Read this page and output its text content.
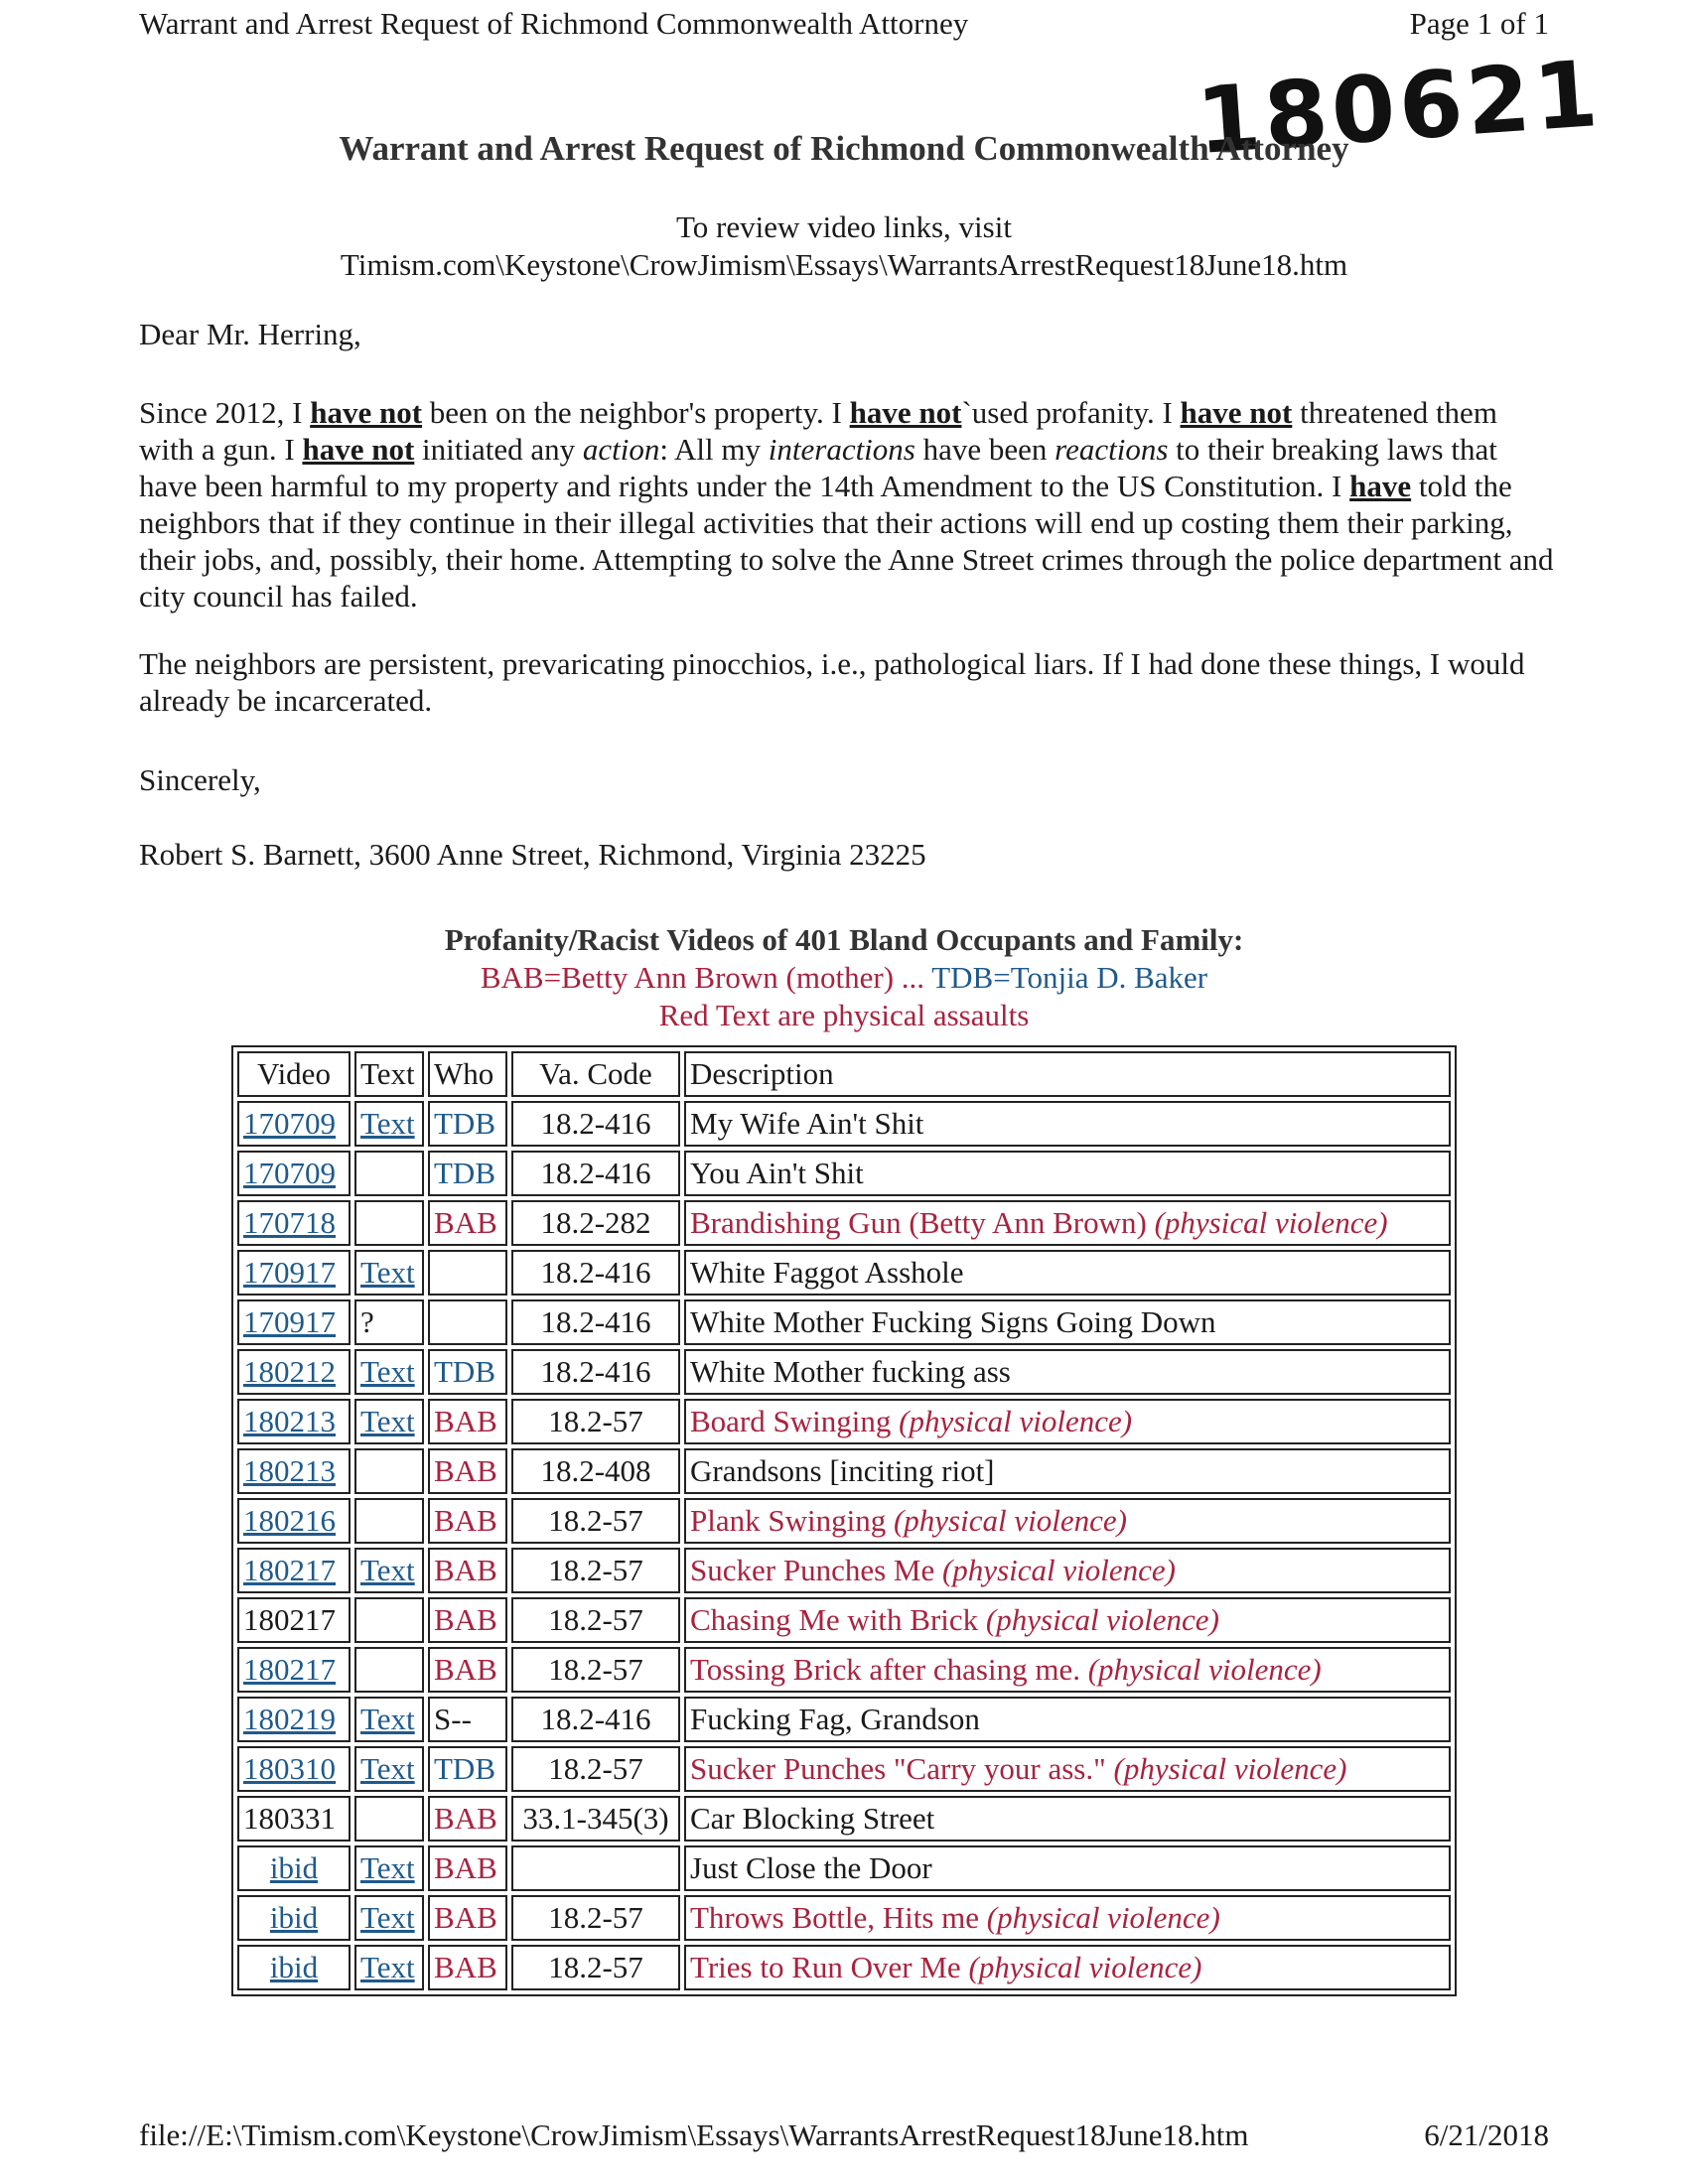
Warrant and Arrest Request of Richmond Commonwealth Attorney	Page 1 of 1
180621
Warrant and Arrest Request of Richmond Commonwealth Attorney
To review video links, visit
Timism.com\Keystone\CrowJimism\Essays\WarrantsArrestRequest18June18.htm
Dear Mr. Herring,

Since 2012, I have not been on the neighbor's property. I have not`used profanity. I have not threatened them with a gun. I have not initiated any action: All my interactions have been reactions to their breaking laws that have been harmful to my property and rights under the 14th Amendment to the US Constitution. I have told the neighbors that if they continue in their illegal activities that their actions will end up costing them their parking, their jobs, and, possibly, their home. Attempting to solve the Anne Street crimes through the police department and city council has failed.

The neighbors are persistent, prevaricating pinocchios, i.e., pathological liars. If I had done these things, I would already be incarcerated.
Sincerely,
Robert S. Barnett, 3600 Anne Street, Richmond, Virginia 23225
Profanity/Racist Videos of 401 Bland Occupants and Family:
BAB=Betty Ann Brown (mother) ... TDB=Tonjia D. Baker
Red Text are physical assaults
Video	Text	Who	Va. Code	Description
170709	Text	TDB	18.2-416	My Wife Ain't Shit
170709		TDB	18.2-416	You Ain't Shit
170718		BAB	18.2-282	Brandishing Gun (Betty Ann Brown) (physical violence)
170917	Text		18.2-416	White Faggot Asshole
170917	?		18.2-416	White Mother Fucking Signs Going Down
180212	Text	TDB	18.2-416	White Mother fucking ass
180213	Text	BAB	18.2-57	Board Swinging (physical violence)
180213		BAB	18.2-408	Grandsons [inciting riot]
180216		BAB	18.2-57	Plank Swinging (physical violence)
180217	Text	BAB	18.2-57	Sucker Punches Me (physical violence)
180217		BAB	18.2-57	Chasing Me with Brick (physical violence)
180217		BAB	18.2-57	Tossing Brick after chasing me. (physical violence)
180219	Text	S--	18.2-416	Fucking Fag, Grandson
180310	Text	TDB	18.2-57	Sucker Punches "Carry your ass." (physical violence)
180331		BAB	33.1-345(3)	Car Blocking Street
ibid	Text	BAB		Just Close the Door
ibid	Text	BAB	18.2-57	Throws Bottle, Hits me (physical violence)
ibid	Text	BAB	18.2-57	Tries to Run Over Me (physical violence)
file://E:\Timism.com\Keystone\CrowJimism\Essays\WarrantsArrestRequest18June18.htm	6/21/2018
